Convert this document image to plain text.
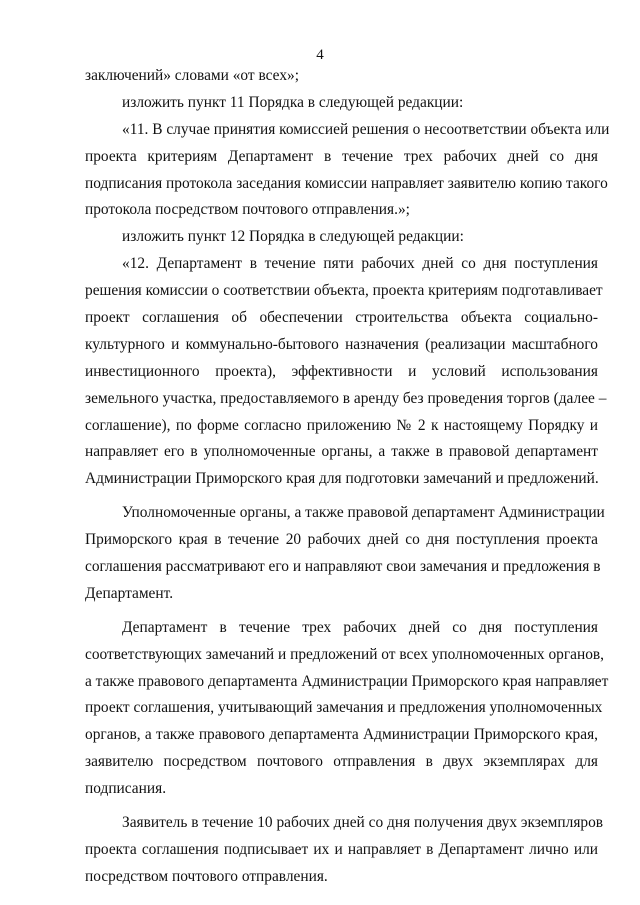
4
заключений» словами «от всех»;
изложить пункт 11 Порядка в следующей редакции:
«11. В случае принятия комиссией решения о несоответствии объекта или
проекта критериям Департамент в течение трех рабочих дней со дня
подписания протокола заседания комиссии направляет заявителю копию такого
протокола посредством почтового отправления.»;
изложить пункт 12 Порядка в следующей редакции:
«12. Департамент в течение пяти рабочих дней со дня поступления
решения комиссии о соответствии объекта, проекта критериям подготавливает
проект соглашения об обеспечении строительства объекта социально-
культурного и коммунально-бытового назначения (реализации масштабного
инвестиционного проекта), эффективности и условий использования
земельного участка, предоставляемого в аренду без проведения торгов (далее –
соглашение), по форме согласно приложению № 2 к настоящему Порядку и
направляет его в уполномоченные органы, а также в правовой департамент
Администрации Приморского края для подготовки замечаний и предложений.
Уполномоченные органы, а также правовой департамент Администрации
Приморского края в течение 20 рабочих дней со дня поступления проекта
соглашения рассматривают его и направляют свои замечания и предложения в
Департамент.
Департамент в течение трех рабочих дней со дня поступления
соответствующих замечаний и предложений от всех уполномоченных органов,
а также правового департамента Администрации Приморского края направляет
проект соглашения, учитывающий замечания и предложения уполномоченных
органов, а также правового департамента Администрации Приморского края,
заявителю посредством почтового отправления в двух экземплярах для
подписания.
Заявитель в течение 10 рабочих дней со дня получения двух экземпляров
проекта соглашения подписывает их и направляет в Департамент лично или
посредством почтового отправления.
